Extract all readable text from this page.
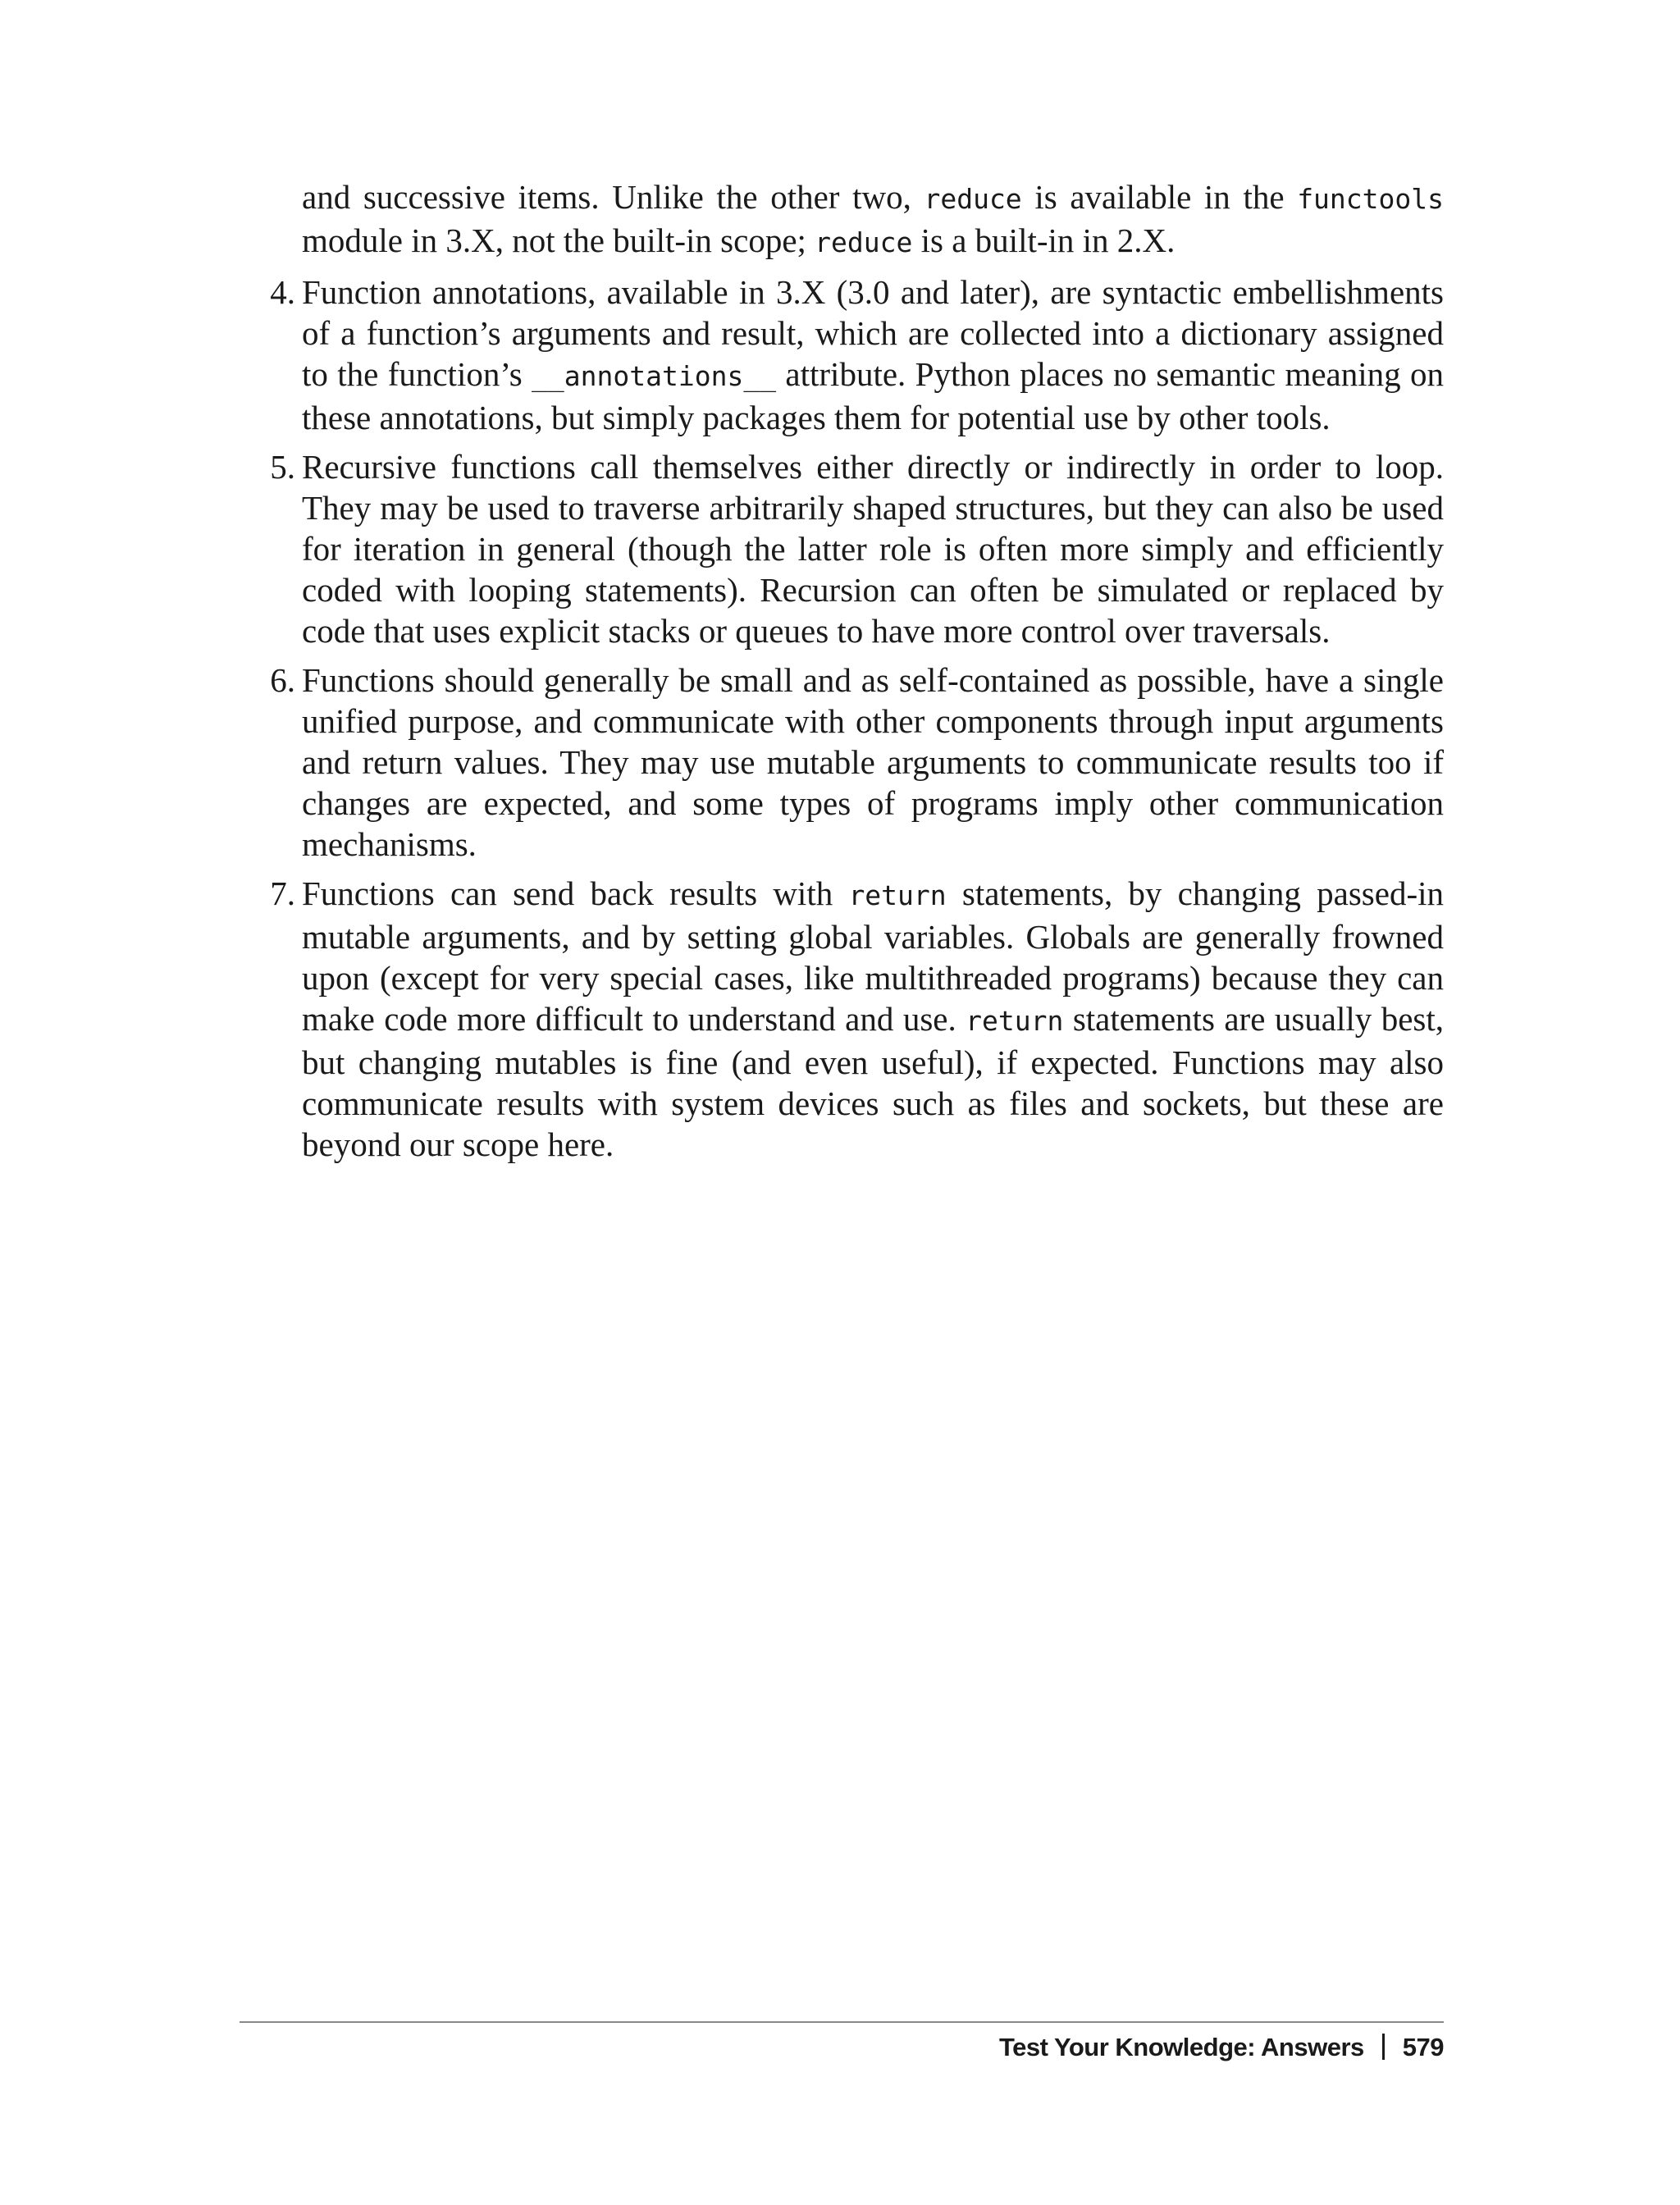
and successive items. Unlike the other two, reduce is available in the functools module in 3.X, not the built-in scope; reduce is a built-in in 2.X.

4. Function annotations, available in 3.X (3.0 and later), are syntactic embellishments of a function’s arguments and result, which are collected into a dictionary assigned to the function’s __annotations__ attribute. Python places no semantic meaning on these annotations, but simply packages them for potential use by other tools.

5. Recursive functions call themselves either directly or indirectly in order to loop. They may be used to traverse arbitrarily shaped structures, but they can also be used for iteration in general (though the latter role is often more simply and efficiently coded with looping statements). Recursion can often be simulated or replaced by code that uses explicit stacks or queues to have more control over traversals.

6. Functions should generally be small and as self-contained as possible, have a single unified purpose, and communicate with other components through input arguments and return values. They may use mutable arguments to communicate results too if changes are expected, and some types of programs imply other communication mechanisms.

7. Functions can send back results with return statements, by changing passed-in mutable arguments, and by setting global variables. Globals are generally frowned upon (except for very special cases, like multithreaded programs) because they can make code more difficult to understand and use. return statements are usually best, but changing mutables is fine (and even useful), if expected. Functions may also communicate results with system devices such as files and sockets, but these are beyond our scope here.

Test Your Knowledge: Answers 579
